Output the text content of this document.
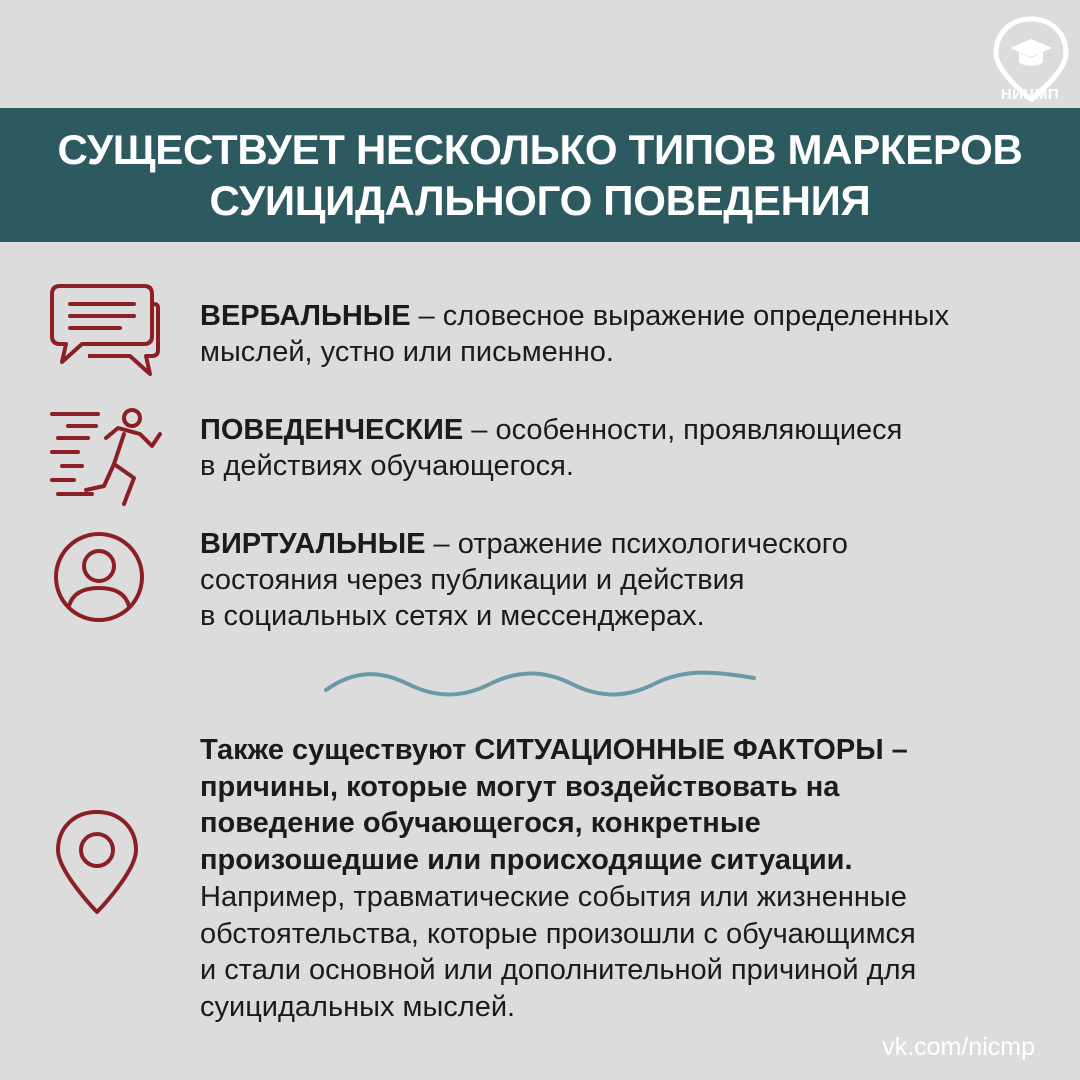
НИЦМП
СУЩЕСТВУЕТ НЕСКОЛЬКО ТИПОВ МАРКЕРОВ
СУИЦИДАЛЬНОГО ПОВЕДЕНИЯ
ВЕРБАЛЬНЫЕ – словесное выражение определенных
мыслей, устно или письменно.
ПОВЕДЕНЧЕСКИЕ – особенности, проявляющиеся
в действиях обучающегося.
ВИРТУАЛЬНЫЕ – отражение психологического
состояния через публикации и действия
в социальных сетях и мессенджерах.
Также существуют СИТУАЦИОННЫЕ ФАКТОРЫ –
причины, которые могут воздействовать на
поведение обучающегося, конкретные
произошедшие или происходящие ситуации.
Например, травматические события или жизненные
обстоятельства, которые произошли с обучающимся
и стали основной или дополнительной причиной для
суицидальных мыслей.
vk.com/nicmp
